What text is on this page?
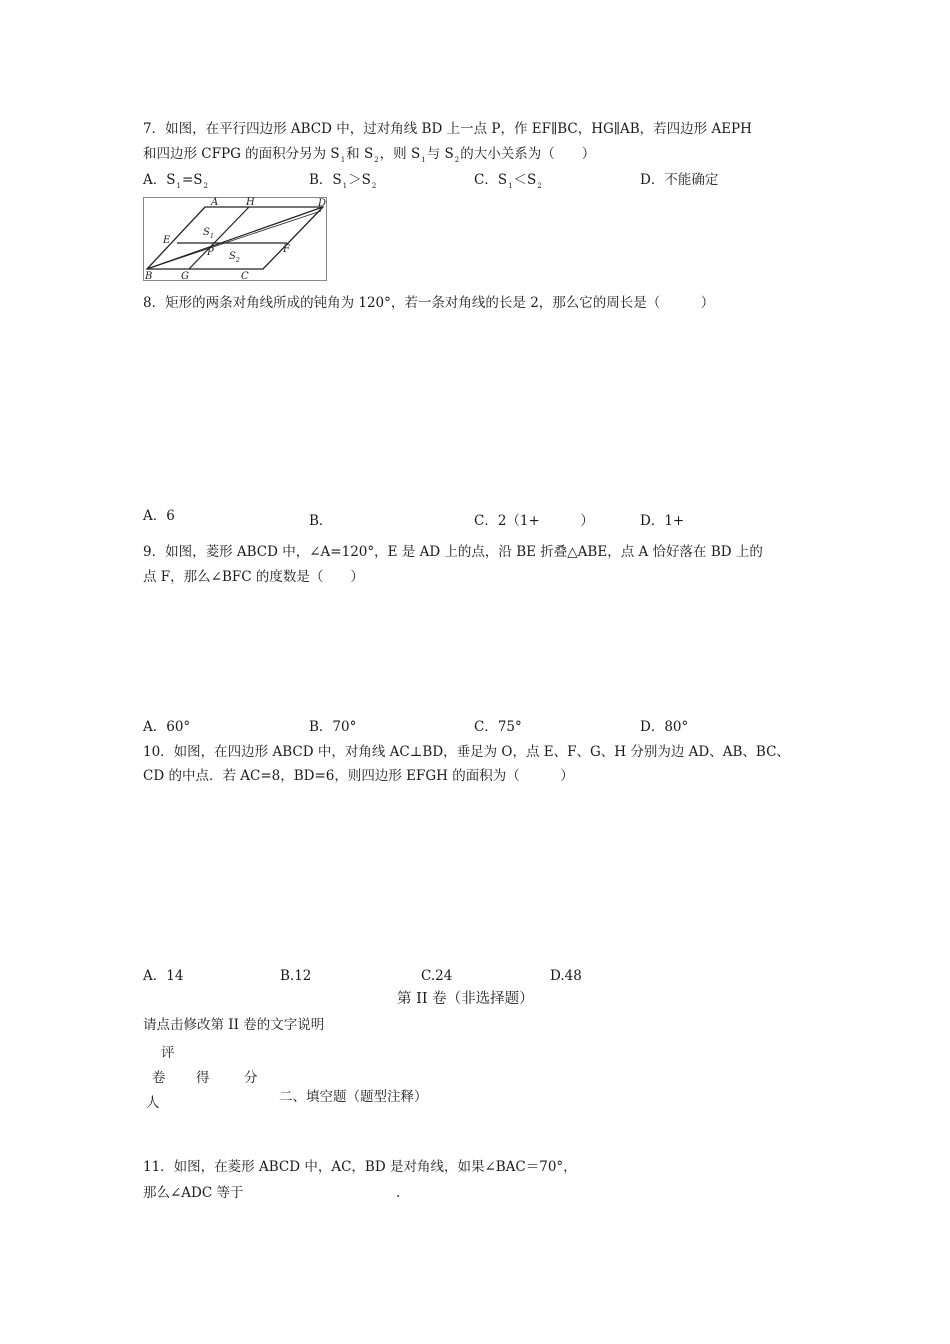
7．如图，在平行四边形 ABCD 中，过对角线 BD 上一点 P，作 EF∥BC，HG∥AB，若四边形 AEPH
和四边形 CFPG 的面积分另为 $S_1$和 $S_2$，则 $S_1$与 $S_2$的大小关系为（　　）
A．$S_1=S_2$	B．$S_1>S_2$	C．$S_1<S_2$	D．不能确定
A	H	D
E
S 1
P S 2
F
B	G	C
8．矩形的两条对角线所成的钝角为 120°，若一条对角线的长是 2，那么它的周长是（　　　）
A．6	B．	C．2（1+　　　）	D．1+
9．如图，菱形 ABCD 中，∠A=120°，E 是 AD 上的点，沿 BE 折叠△ABE，点 A 恰好落在 BD 上的
点 F，那么∠BFC 的度数是（　　）
A．60°	B．70°	C．75°	D．80°
10．如图，在四边形 ABCD 中，对角线 AC⊥BD，垂足为 O，点 E、F、G、H 分别为边 AD、AB、BC、
CD 的中点．若 AC=8，BD=6，则四边形 EFGH 的面积为（　　　）
A．14	B.12	C.24	D.48
第 II 卷（非选择题）
请点击修改第 II 卷的文字说明
评
卷 得	分
人	二、填空题（题型注释）
11．如图，在菱形 ABCD 中，AC，BD 是对角线，如果∠BAC＝70°，
那么∠ADC 等于	.
